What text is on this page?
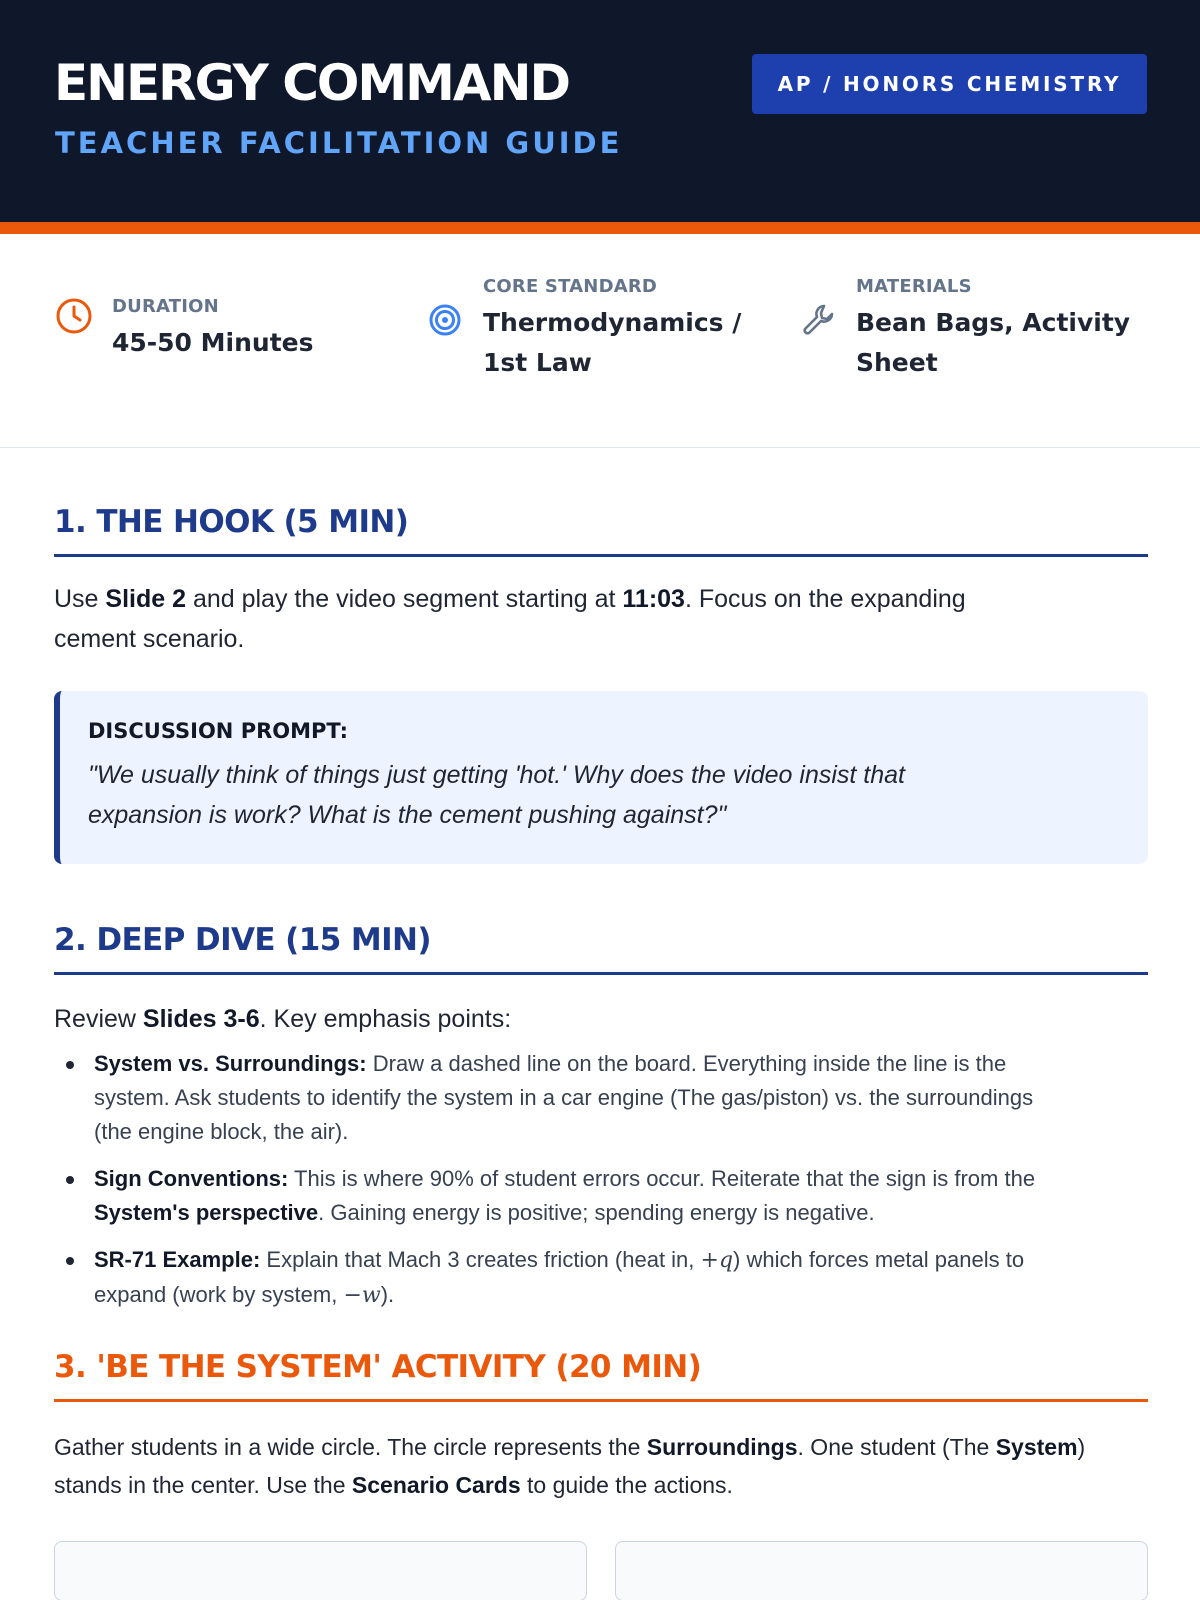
ENERGY COMMAND
TEACHER FACILITATION GUIDE
AP / HONORS CHEMISTRY
DURATION
45-50 Minutes
CORE STANDARD
Thermodynamics /
1st Law
MATERIALS
Bean Bags, Activity
Sheet
1. THE HOOK (5 MIN)
Use Slide 2 and play the video segment starting at 11:03. Focus on the expanding
cement scenario.
DISCUSSION PROMPT:
"We usually think of things just getting 'hot.' Why does the video insist that
expansion is work? What is the cement pushing against?"
2. DEEP DIVE (15 MIN)
Review Slides 3-6. Key emphasis points:
System vs. Surroundings: Draw a dashed line on the board. Everything inside the line is the
system. Ask students to identify the system in a car engine (The gas/piston) vs. the surroundings
(the engine block, the air).
Sign Conventions: This is where 90% of student errors occur. Reiterate that the sign is from the
System's perspective. Gaining energy is positive; spending energy is negative.
SR-71 Example: Explain that Mach 3 creates friction (heat in, +q) which forces metal panels to
expand (work by system, −w).
3. 'BE THE SYSTEM' ACTIVITY (20 MIN)
Gather students in a wide circle. The circle represents the Surroundings. One student (The System)
stands in the center. Use the Scenario Cards to guide the actions.
